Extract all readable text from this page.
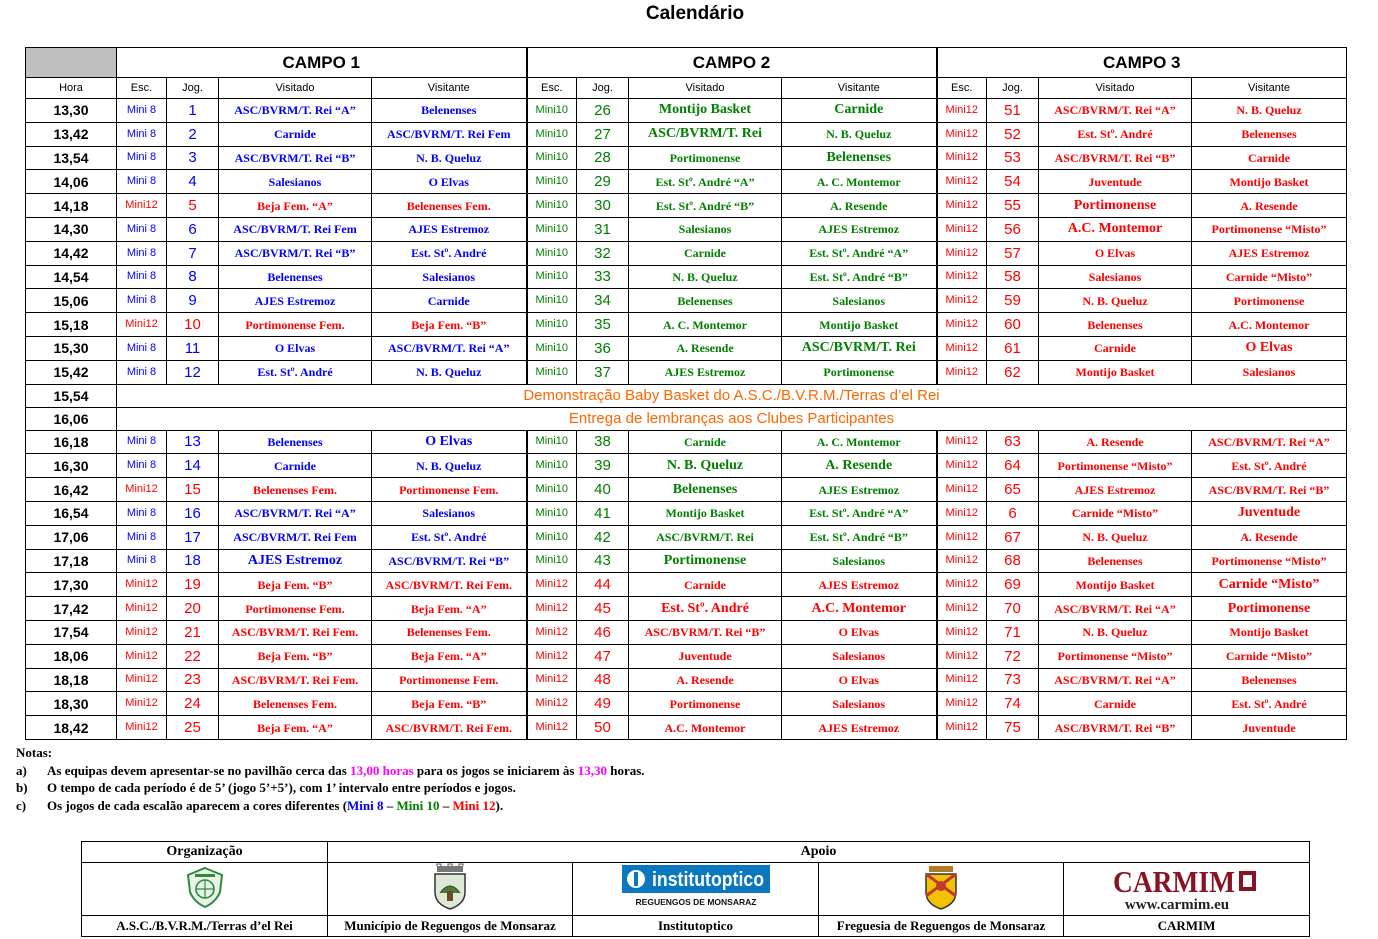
Calendário
	CAMPO 1				CAMPO 2				CAMPO 3			
Hora	Esc.	Jog.	Visitado	Visitante	Esc.	Jog.	Visitado	Visitante	Esc.	Jog.	Visitado	Visitante
13,30	Mini 8	1	ASC/BVRM/T. Rei “A”	Belenenses	Mini10	26	Montijo Basket	Carnide	Mini12	51	ASC/BVRM/T. Rei “A”	N. B. Queluz
13,42	Mini 8	2	Carnide	ASC/BVRM/T. Rei Fem	Mini10	27	ASC/BVRM/T. Rei	N. B. Queluz	Mini12	52	Est. Stº. André	Belenenses
13,54	Mini 8	3	ASC/BVRM/T. Rei “B”	N. B. Queluz	Mini10	28	Portimonense	Belenenses	Mini12	53	ASC/BVRM/T. Rei “B”	Carnide
14,06	Mini 8	4	Salesianos	O Elvas	Mini10	29	Est. Stº. André “A”	A. C. Montemor	Mini12	54	Juventude	Montijo Basket
14,18	Mini12	5	Beja Fem. “A”	Belenenses Fem.	Mini10	30	Est. Stº. André “B”	A. Resende	Mini12	55	Portimonense	A. Resende
14,30	Mini 8	6	ASC/BVRM/T. Rei Fem	AJES Estremoz	Mini10	31	Salesianos	AJES Estremoz	Mini12	56	A.C. Montemor	Portimonense “Misto”
14,42	Mini 8	7	ASC/BVRM/T. Rei “B”	Est. Stº. André	Mini10	32	Carnide	Est. Stº. André “A”	Mini12	57	O Elvas	AJES Estremoz
14,54	Mini 8	8	Belenenses	Salesianos	Mini10	33	N. B. Queluz	Est. Stº. André “B”	Mini12	58	Salesianos	Carnide “Misto”
15,06	Mini 8	9	AJES Estremoz	Carnide	Mini10	34	Belenenses	Salesianos	Mini12	59	N. B. Queluz	Portimonense
15,18	Mini12	10	Portimonense Fem.	Beja Fem. “B”	Mini10	35	A. C. Montemor	Montijo Basket	Mini12	60	Belenenses	A.C. Montemor
15,30	Mini 8	11	O Elvas	ASC/BVRM/T. Rei “A”	Mini10	36	A. Resende	ASC/BVRM/T. Rei	Mini12	61	Carnide	O Elvas
15,42	Mini 8	12	Est. Stº. André	N. B. Queluz	Mini10	37	AJES Estremoz	Portimonense	Mini12	62	Montijo Basket	Salesianos
15,54	Demonstração Baby Basket do A.S.C./B.V.R.M./Terras d’el Rei											
16,06	Entrega de lembranças aos Clubes Participantes											
16,18	Mini 8	13	Belenenses	O Elvas	Mini10	38	Carnide	A. C. Montemor	Mini12	63	A. Resende	ASC/BVRM/T. Rei “A”
16,30	Mini 8	14	Carnide	N. B. Queluz	Mini10	39	N. B. Queluz	A. Resende	Mini12	64	Portimonense “Misto”	Est. Stº. André
16,42	Mini12	15	Belenenses Fem.	Portimonense Fem.	Mini10	40	Belenenses	AJES Estremoz	Mini12	65	AJES Estremoz	ASC/BVRM/T. Rei “B”
16,54	Mini 8	16	ASC/BVRM/T. Rei “A”	Salesianos	Mini10	41	Montijo Basket	Est. Stº. André “A”	Mini12	6	Carnide “Misto”	Juventude
17,06	Mini 8	17	ASC/BVRM/T. Rei Fem	Est. Stº. André	Mini10	42	ASC/BVRM/T. Rei	Est. Stº. André “B”	Mini12	67	N. B. Queluz	A. Resende
17,18	Mini 8	18	AJES Estremoz	ASC/BVRM/T. Rei “B”	Mini10	43	Portimonense	Salesianos	Mini12	68	Belenenses	Portimonense “Misto”
17,30	Mini12	19	Beja Fem. “B”	ASC/BVRM/T. Rei Fem.	Mini12	44	Carnide	AJES Estremoz	Mini12	69	Montijo Basket	Carnide “Misto”
17,42	Mini12	20	Portimonense Fem.	Beja Fem. “A”	Mini12	45	Est. Stº. André	A.C. Montemor	Mini12	70	ASC/BVRM/T. Rei “A”	Portimonense
17,54	Mini12	21	ASC/BVRM/T. Rei Fem.	Belenenses Fem.	Mini12	46	ASC/BVRM/T. Rei “B”	O Elvas	Mini12	71	N. B. Queluz	Montijo Basket
18,06	Mini12	22	Beja Fem. “B”	Beja Fem. “A”	Mini12	47	Juventude	Salesianos	Mini12	72	Portimonense “Misto”	Carnide “Misto”
18,18	Mini12	23	ASC/BVRM/T. Rei Fem.	Portimonense Fem.	Mini12	48	A. Resende	O Elvas	Mini12	73	ASC/BVRM/T. Rei “A”	Belenenses
18,30	Mini12	24	Belenenses Fem.	Beja Fem. “B”	Mini12	49	Portimonense	Salesianos	Mini12	74	Carnide	Est. Stº. André
18,42	Mini12	25	Beja Fem. “A”	ASC/BVRM/T. Rei Fem.	Mini12	50	A.C. Montemor	AJES Estremoz	Mini12	75	ASC/BVRM/T. Rei “B”	Juventude
Notas:
a) As equipas devem apresentar-se no pavilhão cerca das 13,00 horas para os jogos se iniciarem às 13,30 horas.
b) O tempo de cada período é de 5’ (jogo 5’+5’), com 1’ intervalo entre períodos e jogos.
c) Os jogos de cada escalão aparecem a cores diferentes (Mini 8 – Mini 10 – Mini 12).
Organização	Apoio			

institutoptico
REGUENGOS DE MONSARAZ		CARMIM
www.carmim.eu

A.S.C./B.V.R.M./Terras d’el Rei	Município de Reguengos de Monsaraz	Institutoptico	Freguesia de Reguengos de Monsaraz	CARMIM
